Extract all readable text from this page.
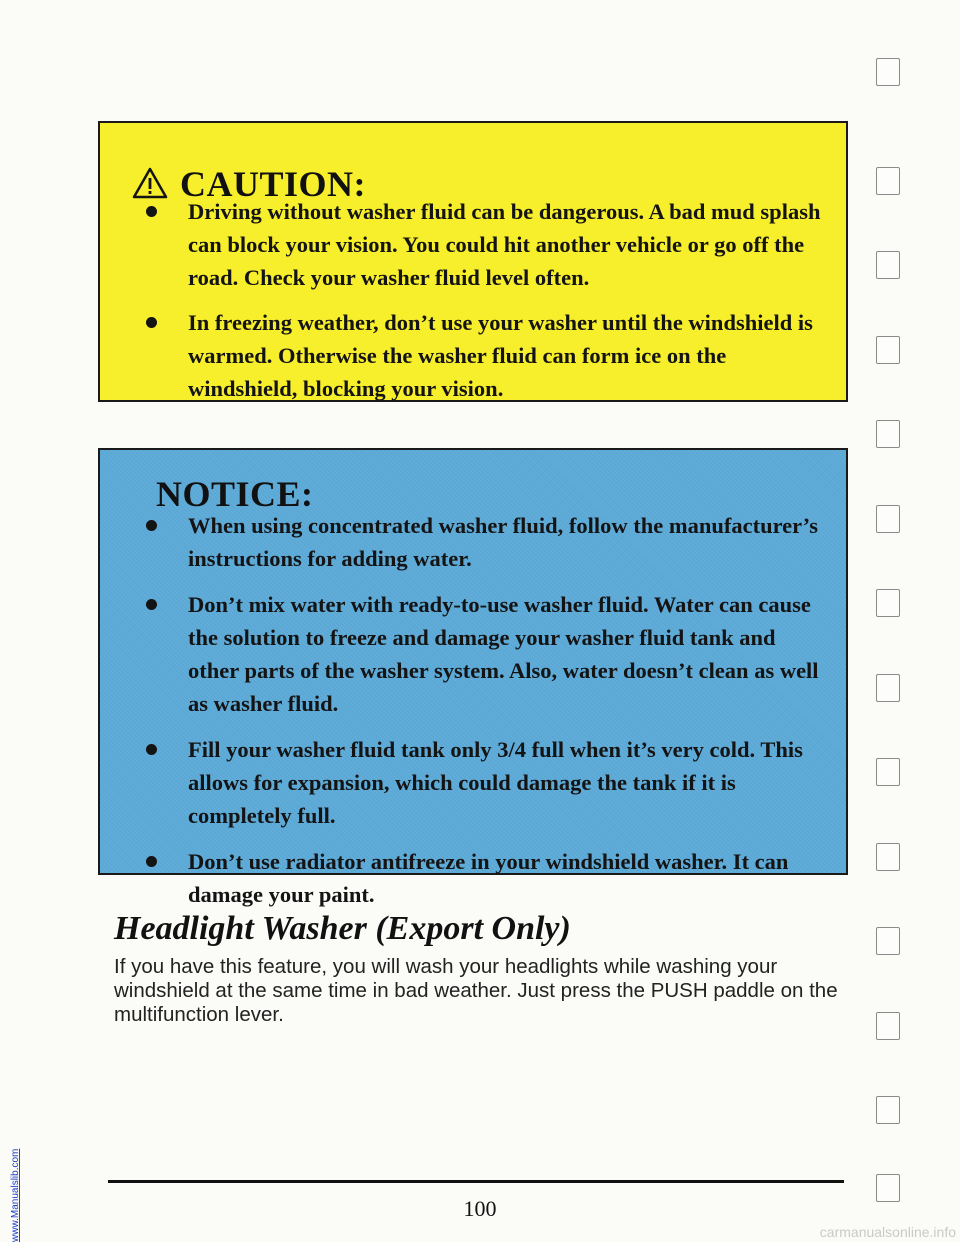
www.Manualslib.com
CAUTION:
Driving without washer fluid can be dangerous. A bad mud splash can block your vision. You could hit another vehicle or go off the road. Check your washer fluid level often.
In freezing weather, don’t use your washer until the windshield is warmed. Otherwise the washer fluid can form ice on the windshield, blocking your vision.
NOTICE:
When using concentrated washer fluid, follow the manufacturer’s instructions for adding water.
Don’t mix water with ready-to-use washer fluid. Water can cause the solution to freeze and damage your washer fluid tank and other parts of the washer system. Also, water doesn’t clean as well as washer fluid.
Fill your washer fluid tank only 3/4 full when it’s very cold. This allows for expansion, which could damage the tank if it is completely full.
Don’t use radiator antifreeze in your windshield washer. It can damage your paint.
Headlight Washer (Export Only)

If you have this feature, you will wash your headlights while washing your windshield at the same time in bad weather. Just press the PUSH paddle on the multifunction lever.

100
carmanualsonline.info
